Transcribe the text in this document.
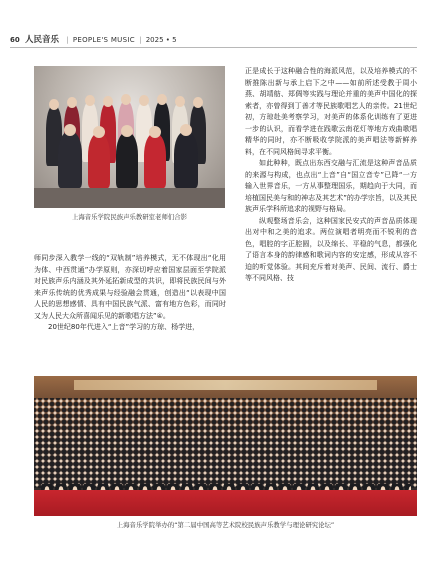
60 人民音乐 | PEOPLE'S MUSIC | 2025 • 5
上海音乐学院民族声乐教研室老师们合影

正是成长于这种融合性的海派风范，以及培养模式的不断推陈出新与承上启下之中——如前所述受教于周小燕、胡靖舫、郑倜等实践与理论并重的美声中国化的探索者，亦曾得到丁善才等民族歌唱艺人的亲传。21世纪初，方琼赴美考察学习，对美声的体系化训练有了更进一步的认识，而看学进在践歌云南花灯等地方戏曲歌唱精华的同时，亦不断吸收学院派的美声唱法等新鲜养料，在不同风格间寻求平衡。

如此种种，既点出东西交融与汇流是这种声音品质的来源与构成，也点出“上音”自“国立音专”已降“一方输入世界音乐，一方从事整理国乐，期趋向于大同，而培植国民美与和的神志及其艺术”的办学宗旨，以及其民族声乐学科所追求的视野与格局。

纵观整场音乐会，这种国家民安式的声音品质体现出对中和之美的追求。两位演唱者明亮而不锐利的音色，唱腔的字正腔圆，以及绵长、平稳的气息，都强化了语言本身的韵律感和歌词内容的安定感，形成从容不迫的听觉体验。其间充斥着对美声、民间、流行、爵士等不同风格、技

师同步深入教学一线的“双轨制”培养模式，无不体现出“化用为体、中西贯通”办学原则，亦深切呼应着国家层面至学院派对民族声乐内涵及其外延拓新成型的共识，即将民族民间与外来声乐传统的优秀成果与经验融会贯通，创造出“以表现中国人民的思想感情、具有中国民族气派、富有地方色彩，而同时又为人民大众所喜闻乐见的新歌唱方法”④。

20世纪80年代进入“上音”学习的方琼、杨学进，

上海音乐学院举办的“第二届中国高等艺术院校民族声乐教学与理论研究论坛”
